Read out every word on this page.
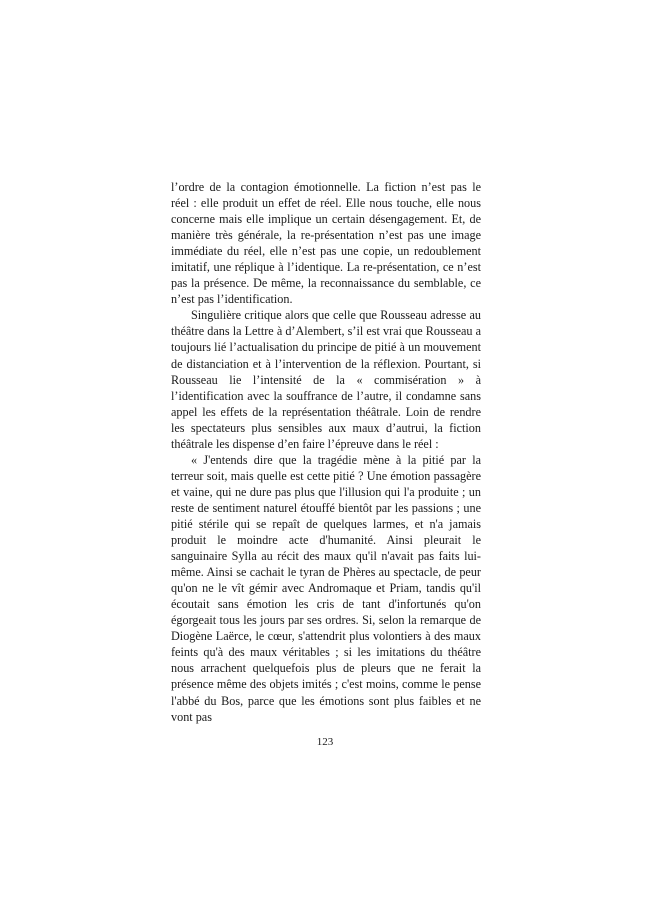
l’ordre de la contagion émotionnelle. La fiction n’est pas le réel : elle produit un effet de réel. Elle nous touche, elle nous concerne mais elle implique un certain désengagement. Et, de manière très générale, la re-présentation n’est pas une image immédiate du réel, elle n’est pas une copie, un redoublement imitatif, une réplique à l’identique. La re-présentation, ce n’est pas la présence. De même, la reconnaissance du semblable, ce n’est pas l’identification.

Singulière critique alors que celle que Rousseau adresse au théâtre dans la Lettre à d’Alembert, s’il est vrai que Rousseau a toujours lié l’actualisation du principe de pitié à un mouvement de distanciation et à l’intervention de la réflexion. Pourtant, si Rousseau lie l’intensité de la « commisération » à l’identification avec la souffrance de l’autre, il condamne sans appel les effets de la représentation théâtrale. Loin de rendre les spectateurs plus sensibles aux maux d’autrui, la fiction théâtrale les dispense d’en faire l’épreuve dans le réel :

« J'entends dire que la tragédie mène à la pitié par la terreur soit, mais quelle est cette pitié ? Une émotion passagère et vaine, qui ne dure pas plus que l'illusion qui l'a produite ; un reste de sentiment naturel étouffé bientôt par les passions ; une pitié stérile qui se repaît de quelques larmes, et n'a jamais produit le moindre acte d'humanité. Ainsi pleurait le sanguinaire Sylla au récit des maux qu'il n'avait pas faits lui-même. Ainsi se cachait le tyran de Phères au spectacle, de peur qu'on ne le vît gémir avec Andromaque et Priam, tandis qu'il écoutait sans émotion les cris de tant d'infortunés qu'on égorgeait tous les jours par ses ordres. Si, selon la remarque de Diogène Laërce, le cœur, s'attendrit plus volontiers à des maux feints qu'à des maux véritables ; si les imitations du théâtre nous arrachent quelquefois plus de pleurs que ne ferait la présence même des objets imités ; c'est moins, comme le pense l'abbé du Bos, parce que les émotions sont plus faibles et ne vont pas

123
